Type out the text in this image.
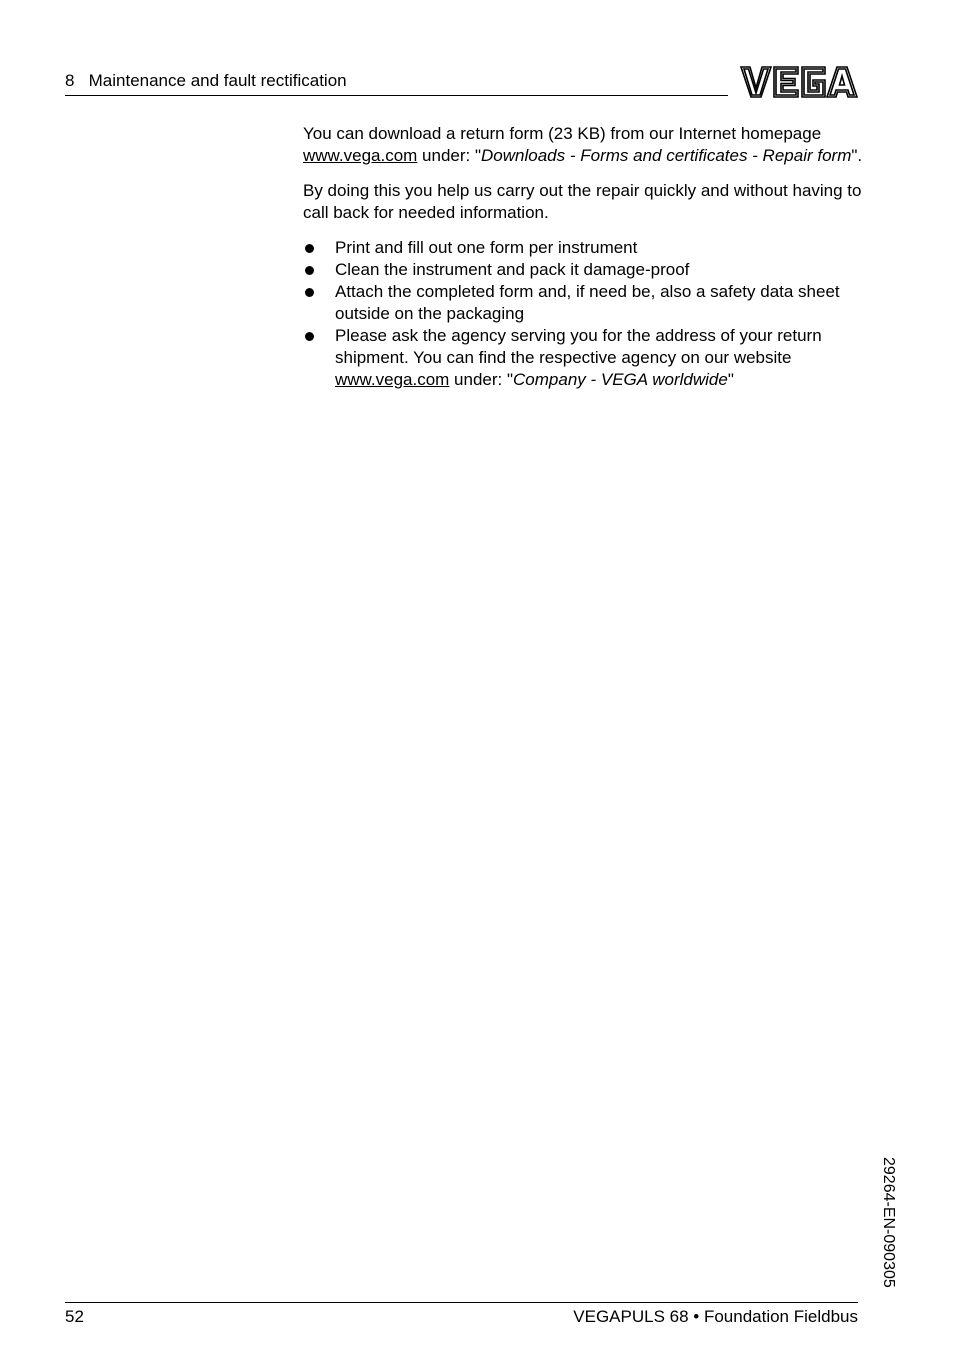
8   Maintenance and fault rectification

You can download a return form (23 KB) from our Internet homepage www.vega.com under: "Downloads - Forms and certificates - Repair form".

By doing this you help us carry out the repair quickly and without having to call back for needed information.

Print and fill out one form per instrument
Clean the instrument and pack it damage-proof
Attach the completed form and, if need be, also a safety data sheet outside on the packaging
Please ask the agency serving you for the address of your return shipment. You can find the respective agency on our website www.vega.com under: "Company - VEGA worldwide"
29264-EN-090305
52	VEGAPULS 68 • Foundation Fieldbus
